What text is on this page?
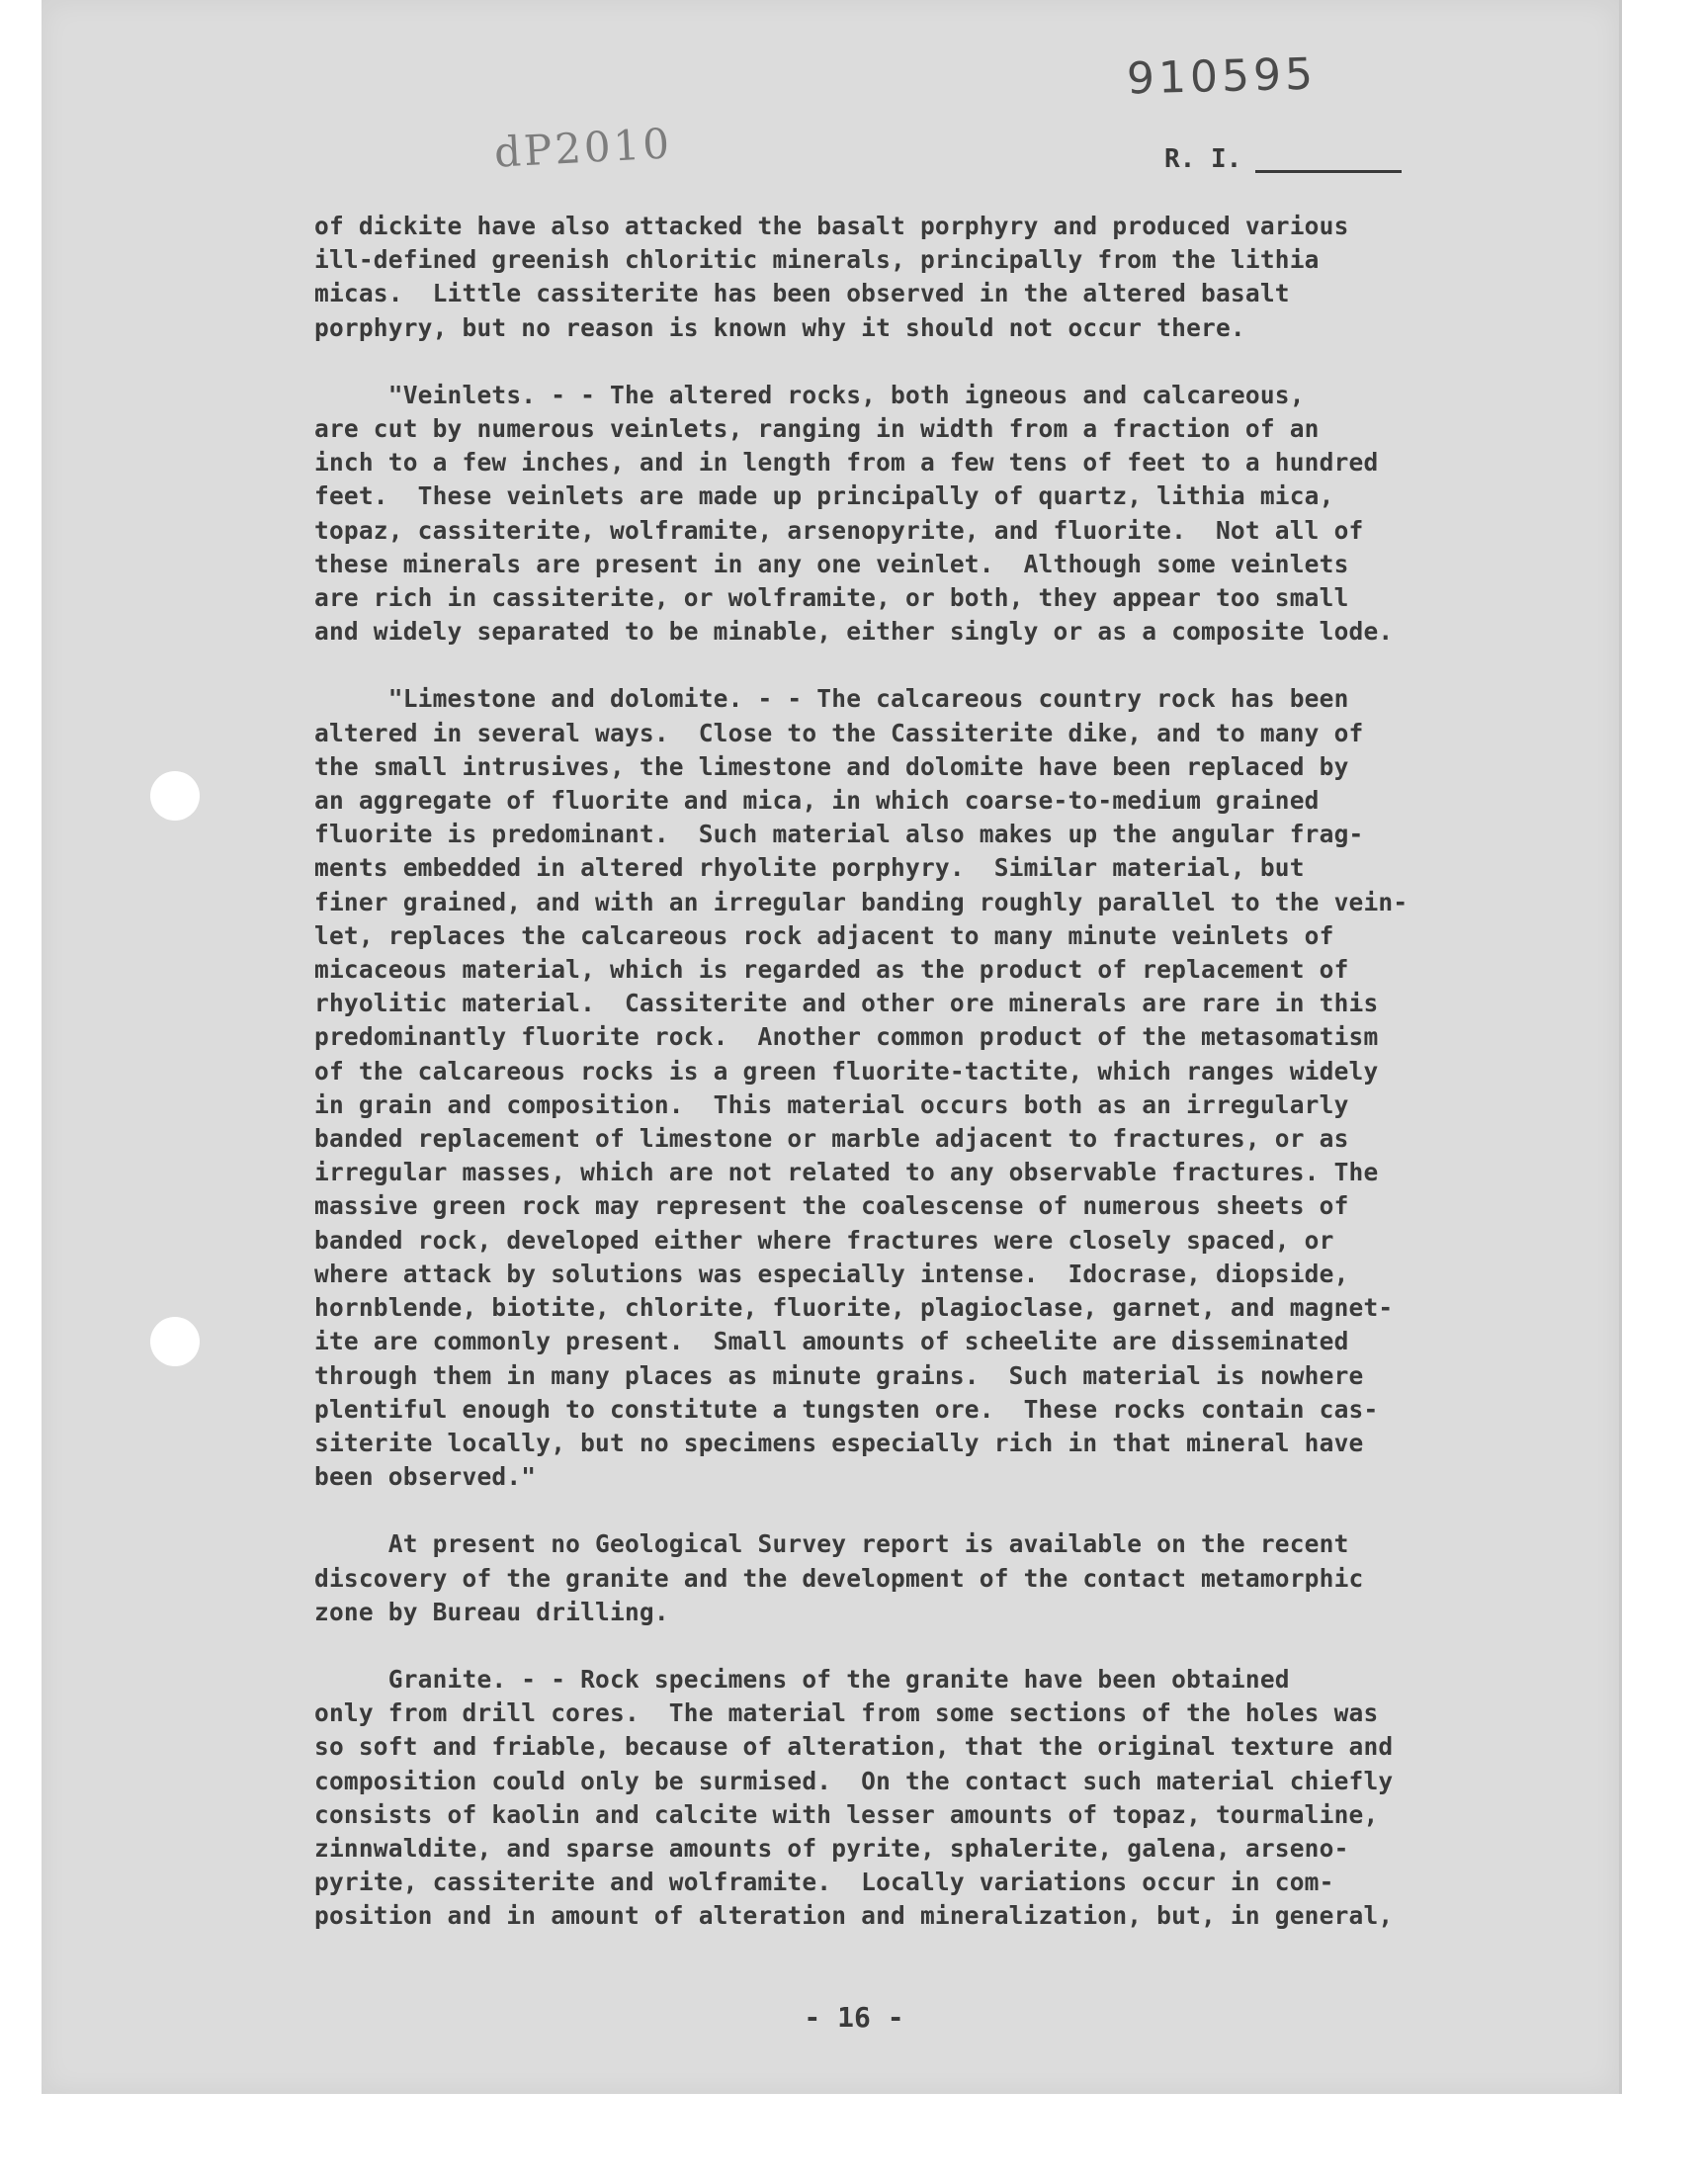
910595
dP2010	R. I.
of dickite have also attacked the basalt porphyry and produced various
ill-defined greenish chloritic minerals, principally from the lithia
micas.  Little cassiterite has been observed in the altered basalt
porphyry, but no reason is known why it should not occur there.
"Veinlets. - - The altered rocks, both igneous and calcareous,
are cut by numerous veinlets, ranging in width from a fraction of an
inch to a few inches, and in length from a few tens of feet to a hundred
feet.  These veinlets are made up principally of quartz, lithia mica,
topaz, cassiterite, wolframite, arsenopyrite, and fluorite.  Not all of
these minerals are present in any one veinlet.  Although some veinlets
are rich in cassiterite, or wolframite, or both, they appear too small
and widely separated to be minable, either singly or as a composite lode.
"Limestone and dolomite. - - The calcareous country rock has been
altered in several ways.  Close to the Cassiterite dike, and to many of
the small intrusives, the limestone and dolomite have been replaced by
an aggregate of fluorite and mica, in which coarse-to-medium grained
fluorite is predominant.  Such material also makes up the angular frag-
ments embedded in altered rhyolite porphyry.  Similar material, but
finer grained, and with an irregular banding roughly parallel to the vein-
let, replaces the calcareous rock adjacent to many minute veinlets of
micaceous material, which is regarded as the product of replacement of
rhyolitic material.  Cassiterite and other ore minerals are rare in this
predominantly fluorite rock.  Another common product of the metasomatism
of the calcareous rocks is a green fluorite-tactite, which ranges widely
in grain and composition.  This material occurs both as an irregularly
banded replacement of limestone or marble adjacent to fractures, or as
irregular masses, which are not related to any observable fractures. The
massive green rock may represent the coalescense of numerous sheets of
banded rock, developed either where fractures were closely spaced, or
where attack by solutions was especially intense.  Idocrase, diopside,
hornblende, biotite, chlorite, fluorite, plagioclase, garnet, and magnet-
ite are commonly present.  Small amounts of scheelite are disseminated
through them in many places as minute grains.  Such material is nowhere
plentiful enough to constitute a tungsten ore.  These rocks contain cas-
siterite locally, but no specimens especially rich in that mineral have
been observed."
At present no Geological Survey report is available on the recent
discovery of the granite and the development of the contact metamorphic
zone by Bureau drilling.
Granite. - - Rock specimens of the granite have been obtained
only from drill cores.  The material from some sections of the holes was
so soft and friable, because of alteration, that the original texture and
composition could only be surmised.  On the contact such material chiefly
consists of kaolin and calcite with lesser amounts of topaz, tourmaline,
zinnwaldite, and sparse amounts of pyrite, sphalerite, galena, arseno-
pyrite, cassiterite and wolframite.  Locally variations occur in com-
position and in amount of alteration and mineralization, but, in general,
- 16 -
